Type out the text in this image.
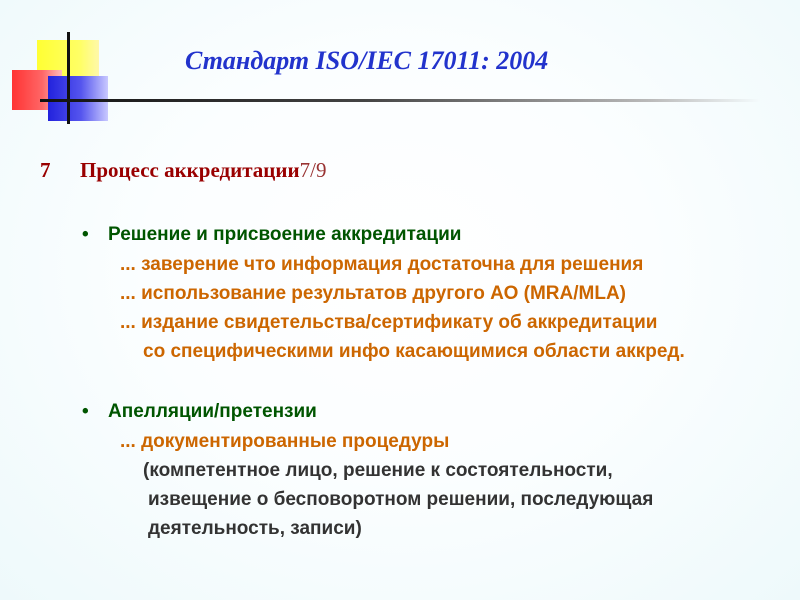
Стандарт ISO/IEC 17011: 2004
7 Процесс аккредитации7/9
• Решение и присвоение аккредитации
... заверение что информация достаточна для решения
... использование результатов другого АО (MRA/MLA)
... издание свидетельства/сертификату об аккредитации
со специфическими инфо касающимися области аккред.
• Апелляции/претензии
... документированные процедуры
(компетентное лицо, решение к состоятельности,
извещение о бесповоротном решении, последующая
деятельность, записи)
